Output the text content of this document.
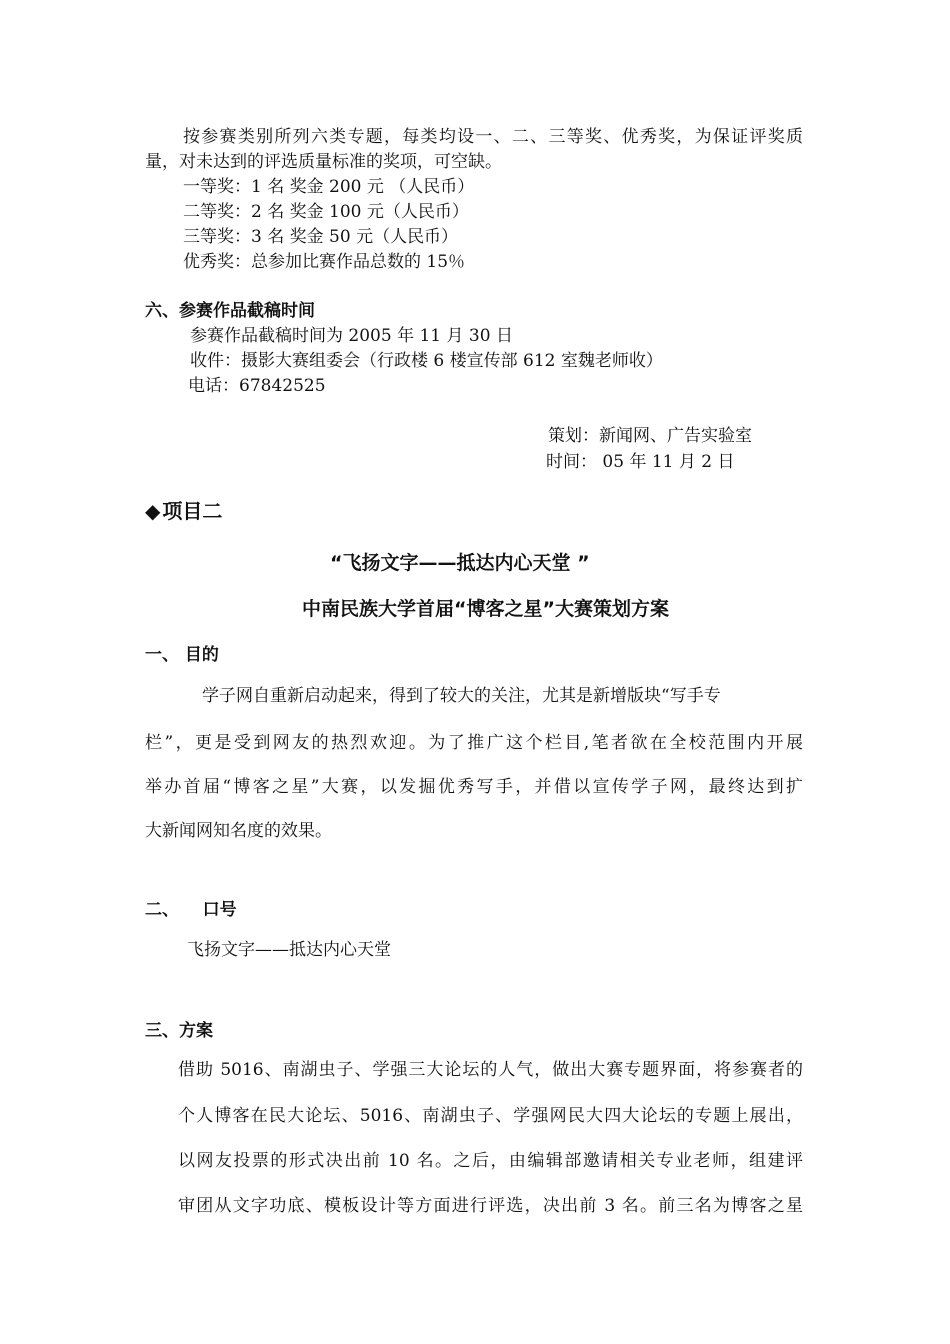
按参赛类别所列六类专题，每类均设一、二、三等奖、优秀奖，为保证评奖质
量，对未达到的评选质量标准的奖项，可空缺。
一等奖：1 名 奖金 200 元 （人民币）
二等奖：2 名 奖金 100 元（人民币）
三等奖：3 名 奖金 50 元（人民币）
优秀奖：总参加比赛作品总数的 15％
六、参赛作品截稿时间
参赛作品截稿时间为 2005 年 11 月 30 日
收件：摄影大赛组委会（行政楼 6 楼宣传部 612 室魏老师收）
电话：67842525
策划：新闻网、广告实验室
时间： 05 年 11 月 2 日
◆ 项目二
“飞扬文字——抵达内心天堂 ”
中南民族大学首届“博客之星”大赛策划方案
一、 目的
学子网自重新启动起来，得到了较大的关注，尤其是新增版块“写手专
栏”，更是受到网友的热烈欢迎。为了推广这个栏目,笔者欲在全校范围内开展
举办首届“博客之星”大赛，以发掘优秀写手，并借以宣传学子网，最终达到扩
大新闻网知名度的效果。
二、    口号
飞扬文字——抵达内心天堂
三、方案
借助 5016、南湖虫子、学强三大论坛的人气，做出大赛专题界面，将参赛者的
个人博客在民大论坛、5016、南湖虫子、学强网民大四大论坛的专题上展出，
以网友投票的形式决出前 10 名。之后，由编辑部邀请相关专业老师，组建评
审团从文字功底、模板设计等方面进行评选，决出前 3 名。前三名为博客之星
